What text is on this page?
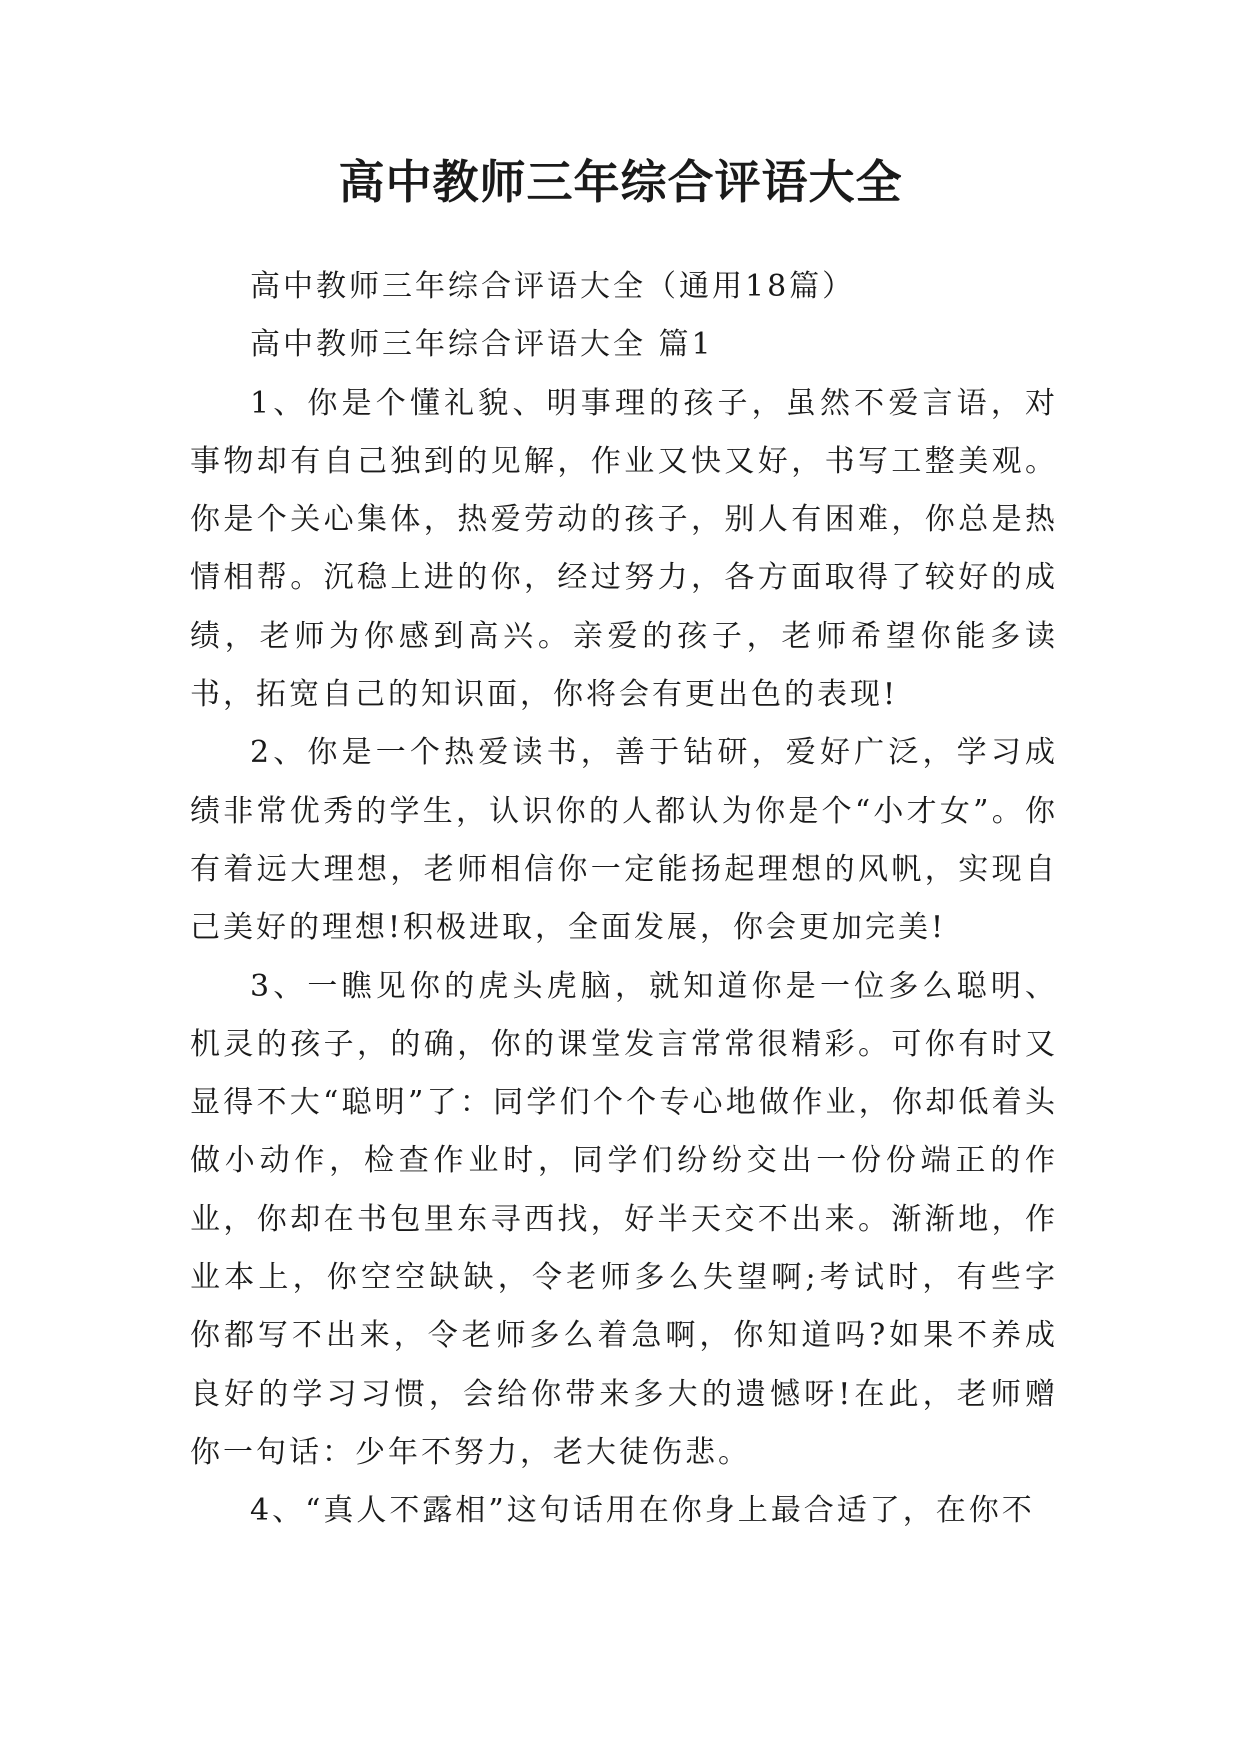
高中教师三年综合评语大全

高中教师三年综合评语大全（通用18篇）

高中教师三年综合评语大全 篇1

1、你是个懂礼貌、明事理的孩子，虽然不爱言语，对事物却有自己独到的见解，作业又快又好，书写工整美观。你是个关心集体，热爱劳动的孩子，别人有困难，你总是热情相帮。沉稳上进的你，经过努力，各方面取得了较好的成绩，老师为你感到高兴。亲爱的孩子，老师希望你能多读书，拓宽自己的知识面，你将会有更出色的表现!

2、你是一个热爱读书，善于钻研，爱好广泛，学习成绩非常优秀的学生，认识你的人都认为你是个“小才女”。你有着远大理想，老师相信你一定能扬起理想的风帆，实现自己美好的理想!积极进取，全面发展，你会更加完美!

3、一瞧见你的虎头虎脑，就知道你是一位多么聪明、机灵的孩子，的确，你的课堂发言常常很精彩。可你有时又显得不大“聪明”了：同学们个个专心地做作业，你却低着头做小动作，检查作业时，同学们纷纷交出一份份端正的作业，你却在书包里东寻西找，好半天交不出来。渐渐地，作业本上，你空空缺缺，令老师多么失望啊;考试时，有些字你都写不出来，令老师多么着急啊，你知道吗?如果不养成良好的学习习惯，会给你带来多大的遗憾呀!在此，老师赠你一句话：少年不努力，老大徒伤悲。

4、“真人不露相”这句话用在你身上最合适了，在你不
